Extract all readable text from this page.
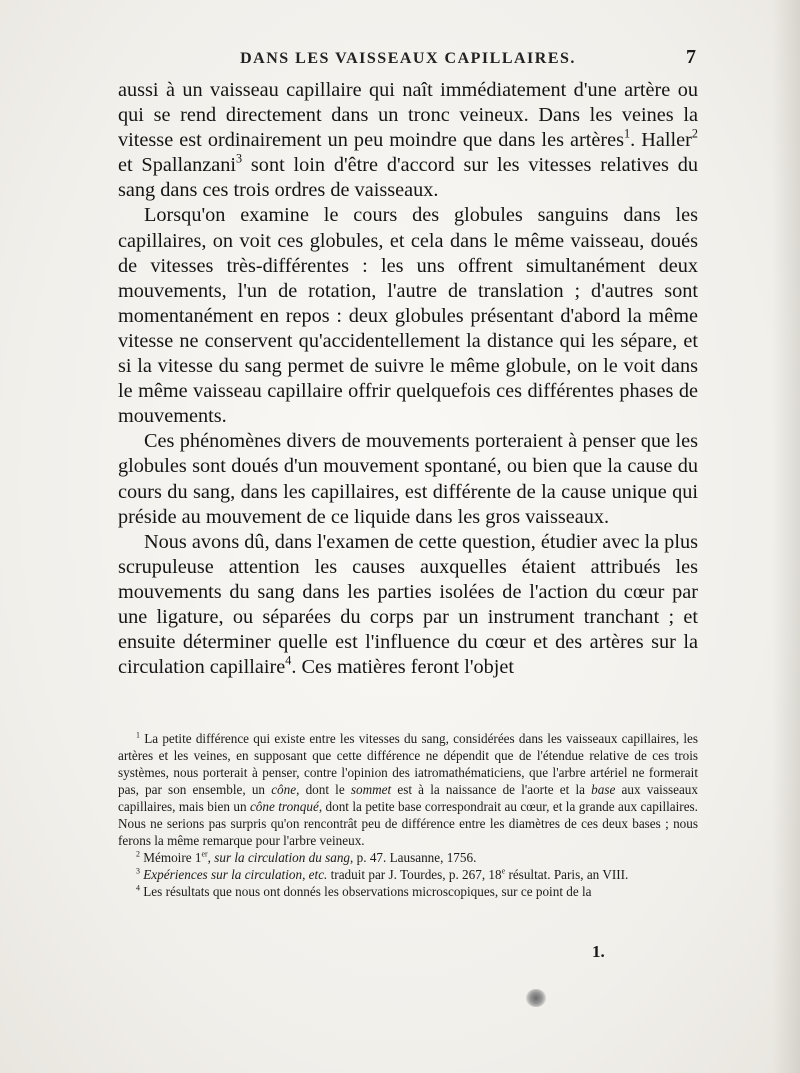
DANS LES VAISSEAUX CAPILLAIRES.	7

aussi à un vaisseau capillaire qui naît immédiatement d'une artère ou qui se rend directement dans un tronc veineux. Dans les veines la vitesse est ordinairement un peu moindre que dans les artères$^1$. Haller$^2$ et Spallanzani$^3$ sont loin d'être d'accord sur les vitesses relatives du sang dans ces trois ordres de vaisseaux.

Lorsqu'on examine le cours des globules sanguins dans les capillaires, on voit ces globules, et cela dans le même vaisseau, doués de vitesses très-différentes : les uns offrent simultanément deux mouvements, l'un de rotation, l'autre de translation ; d'autres sont momentanément en repos : deux globules présentant d'abord la même vitesse ne conservent qu'accidentellement la distance qui les sépare, et si la vitesse du sang permet de suivre le même globule, on le voit dans le même vaisseau capillaire offrir quelquefois ces différentes phases de mouvements.

Ces phénomènes divers de mouvements porteraient à penser que les globules sont doués d'un mouvement spontané, ou bien que la cause du cours du sang, dans les capillaires, est différente de la cause unique qui préside au mouvement de ce liquide dans les gros vaisseaux.

Nous avons dû, dans l'examen de cette question, étudier avec la plus scrupuleuse attention les causes auxquelles étaient attribués les mouvements du sang dans les parties isolées de l'action du cœur par une ligature, ou séparées du corps par un instrument tranchant ; et ensuite déterminer quelle est l'influence du cœur et des artères sur la circulation capillaire$^4$. Ces matières feront l'objet

$^1$ La petite différence qui existe entre les vitesses du sang, considérées dans les vaisseaux capillaires, les artères et les veines, en supposant que cette différence ne dépendit que de l'étendue relative de ces trois systèmes, nous porterait à penser, contre l'opinion des iatromathématiciens, que l'arbre artériel ne formerait pas, par son ensemble, un cône, dont le sommet est à la naissance de l'aorte et la base aux vaisseaux capillaires, mais bien un cône tronqué, dont la petite base correspondrait au cœur, et la grande aux capillaires. Nous ne serions pas surpris qu'on rencontrât peu de différence entre les diamètres de ces deux bases ; nous ferons la même remarque pour l'arbre veineux.

$^2$ Mémoire 1er, sur la circulation du sang, p. 47. Lausanne, 1756.

$^3$ Expériences sur la circulation, etc. traduit par J. Tourdes, p. 267, 18e résultat. Paris, an VIII.

$^4$ Les résultats que nous ont donnés les observations microscopiques, sur ce point de la

1.
